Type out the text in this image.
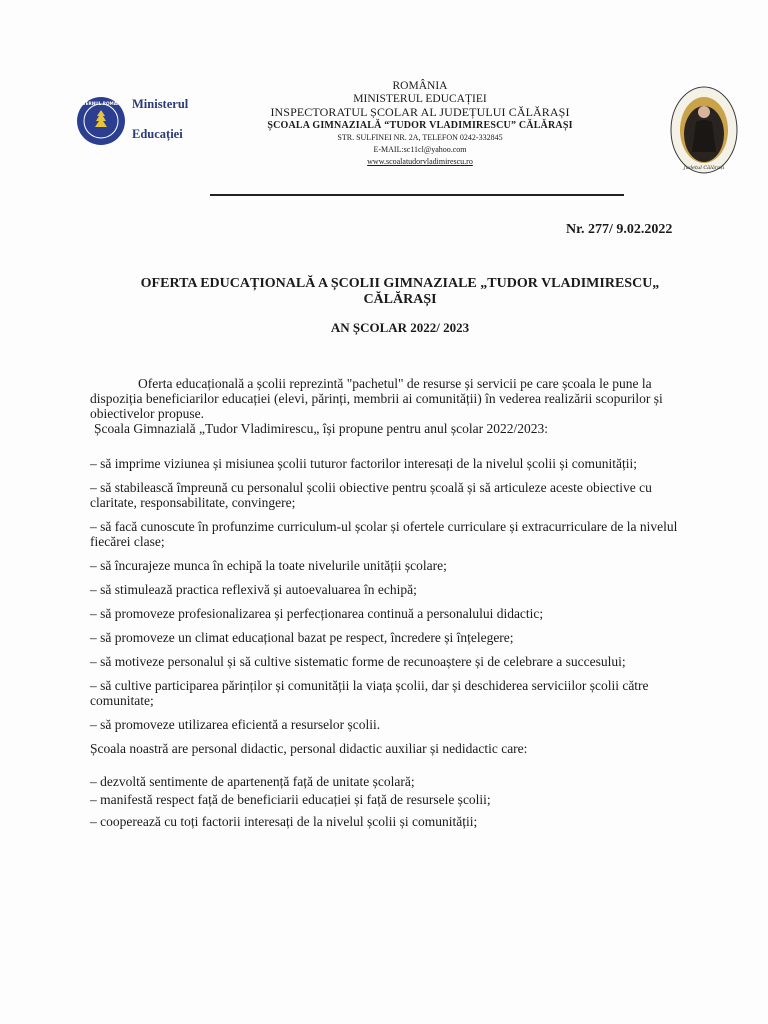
GUVERNUL ROMÂNIEI Ministerul
Educației
ROMÂNIA
MINISTERUL EDUCAȚIEI
INSPECTORATUL ȘCOLAR AL JUDEȚULUI CĂLĂRAȘI
ȘCOALA GIMNAZIALĂ “TUDOR VLADIMIRESCU” CĂLĂRAȘI
STR. SULFINEI NR. 2A, TELEFON 0242-332845
E-MAIL:sc11cl@yahoo.com
www.scoalatudorvladimirescu.ro
Județul Călărași
Nr. 277/ 9.02.2022
OFERTA EDUCAȚIONALĂ A ȘCOLII GIMNAZIALE „TUDOR VLADIMIRESCU„
CĂLĂRAȘI
AN ȘCOLAR 2022/ 2023

Oferta educațională a școlii reprezintă "pachetul" de resurse și servicii pe care școala le pune la dispoziția beneficiarilor educației (elevi, părinți, membrii ai comunității) în vederea realizării scopurilor și obiectivelor propuse.

Școala Gimnazială „Tudor Vladimirescu„ își propune pentru anul școlar 2022/2023:

– să imprime viziunea și misiunea școlii tuturor factorilor interesați de la nivelul școlii și comunității;

– să stabilească împreună cu personalul școlii obiective pentru școală și să articuleze aceste obiective cu claritate, responsabilitate, convingere;

– să facă cunoscute în profunzime curriculum-ul școlar și ofertele curriculare și extracurriculare de la nivelul fiecărei clase;

– să încurajeze munca în echipă la toate nivelurile unității școlare;

– să stimulează practica reflexivă și autoevaluarea în echipă;

– să promoveze profesionalizarea și perfecționarea continuă a personalului didactic;

– să promoveze un climat educațional bazat pe respect, încredere și înțelegere;

– să motiveze personalul și să cultive sistematic forme de recunoaștere și de celebrare a succesului;

– să cultive participarea părinților și comunității la viața școlii, dar și deschiderea serviciilor școlii către comunitate;

– să promoveze utilizarea eficientă a resurselor școlii.

Școala noastră are personal didactic, personal didactic auxiliar și nedidactic care:

– dezvoltă sentimente de apartenență față de unitate școlară;

– manifestă respect față de beneficiarii educației și față de resursele școlii;

– cooperează cu toți factorii interesați de la nivelul școlii și comunității;
